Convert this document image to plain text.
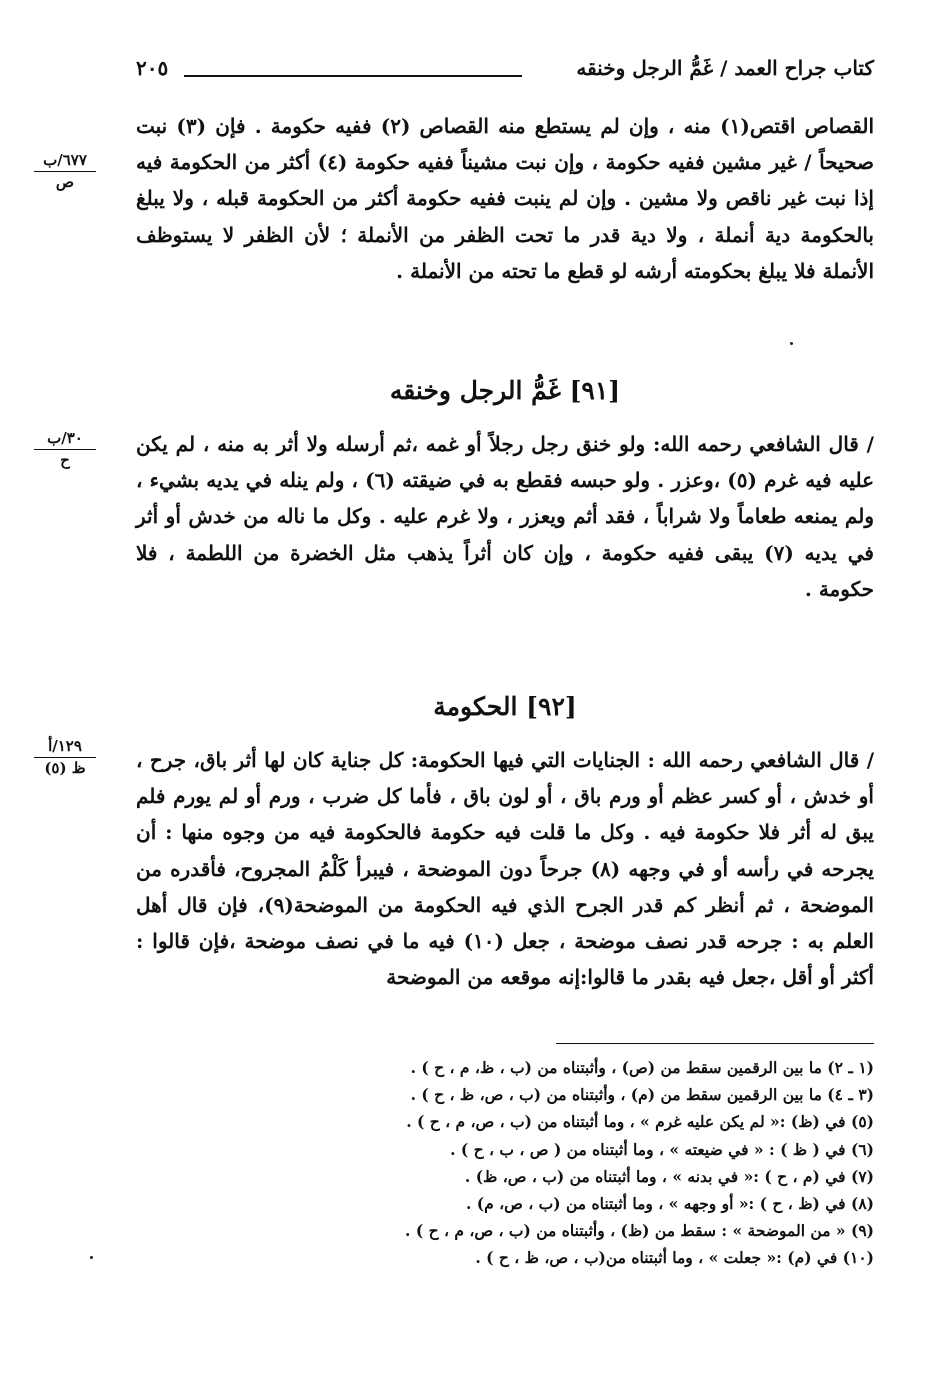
٢٠٥	كتاب جراح العمد / غَمُّ الرجل وخنقه
٦٧٧/ب
ص

القصاص اقتص(١) منه ، وإن لم يستطع منه القصاص (٢) ففيه حكومة . فإن (٣) نبت صحيحاً / غير مشين ففيه حكومة ، وإن نبت مشيناً ففيه حكومة (٤) أكثر من الحكومة فيه إذا نبت غير ناقص ولا مشين . وإن لم ينبت ففيه حكومة أكثر من الحكومة قبله ، ولا يبلغ بالحكومة دية أنملة ، ولا دية قدر ما تحت الظفر من الأنملة ؛ لأن الظفر لا يستوظف الأنملة فلا يبلغ بحكومته أرشه لو قطع ما تحته من الأنملة .

[٩١] غَمُّ الرجل وخنقه
٣٠/ب
ح

/ قال الشافعي رحمه الله: ولو خنق رجل رجلاً أو غمه ،ثم أرسله ولا أثر به منه ، لم يكن عليه فيه غرم (٥) ،وعزر . ولو حبسه فقطع به في ضيقته (٦) ، ولم ينله في يديه بشيء ، ولم يمنعه طعاماً ولا شراباً ، فقد أثم ويعزر ، ولا غرم عليه . وكل ما ناله من خدش أو أثر في يديه (٧) يبقى ففيه حكومة ، وإن كان أثراً يذهب مثل الخضرة من اللطمة ، فلا حكومة .

[٩٢] الحكومة
١٢٩/أ
ظ (٥)	/ قال الشافعي رحمه الله : الجنايات التي فيها الحكومة: كل جناية كان لها أثر باق، جرح ، أو خدش ، أو كسر عظم أو ورم باق ، أو لون باق ، فأما كل ضرب ، ورم أو لم يورم فلم يبق له أثر فلا حكومة فيه . وكل ما قلت فيه حكومة فالحكومة فيه من وجوه منها : أن يجرحه في رأسه أو في وجهه (٨) جرحاً دون الموضحة ، فيبرأ كَلْمُ المجروح، فأقدره من الموضحة ، ثم أنظر كم قدر الجرح الذي فيه الحكومة من الموضحة(٩)، فإن قال أهل العلم به : جرحه قدر نصف موضحة ، جعل (١٠) فيه ما في نصف موضحة ،فإن قالوا : أكثر أو أقل ،جعل فيه بقدر ما قالوا:إنه موقعه من الموضحة

(١ ـ ٢) ما بين الرقمين سقط من (ص) ، وأثبتناه من (ب ، ظ، م ، ح ) .
(٣ ـ ٤) ما بين الرقمين سقط من (م) ، وأثبتناه من (ب ، ص، ظ ، ح ) .
(٥) في (ظ) :« لم يكن عليه غرم » ، وما أثبتناه من (ب ، ص، م ، ح ) .
(٦) في ( ظ ) : « في ضيعته » ، وما أثبتناه من ( ص ، ب ، ح ) .
(٧) في (م ، ح ) :« في بدنه » ، وما أثبتناه من (ب ، ص، ظ) .
(٨) في (ظ ، ح ) :« أو وجهه » ، وما أثبتناه من (ب ، ص، م) .
(٩) « من الموضحة » : سقط من (ظ) ، وأثبتناه من (ب ، ص، م ، ح ) .
(١٠) في (م) :« جعلت » ، وما أثبتناه من(ب ، ص، ظ ، ح ) .
